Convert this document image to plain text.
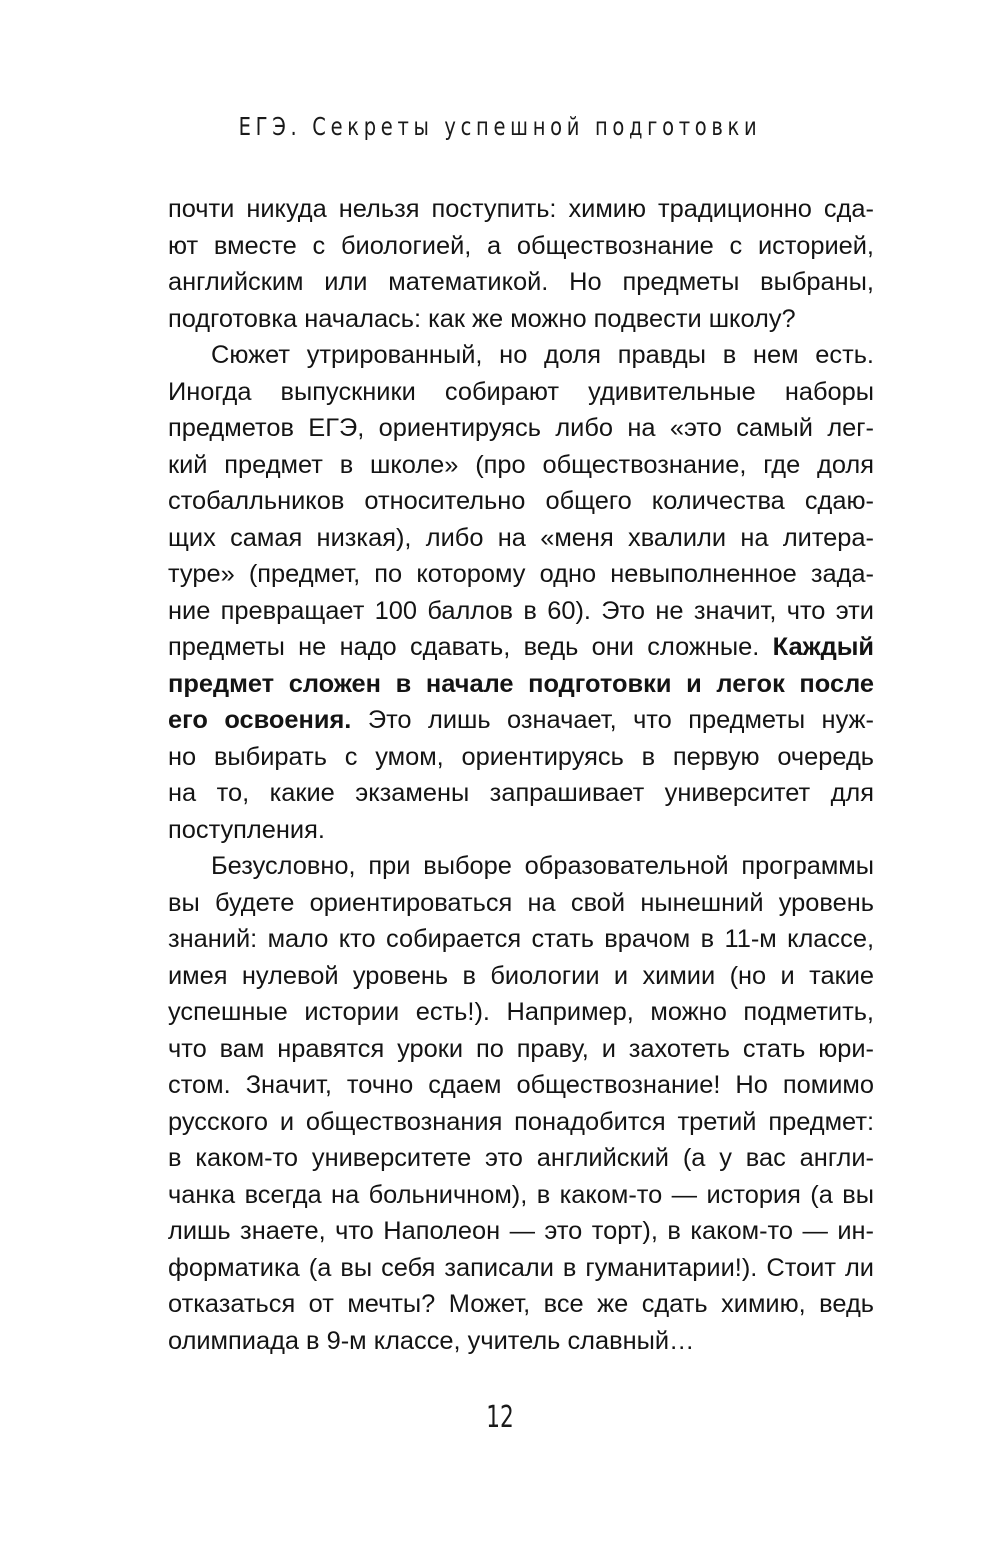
ЕГЭ. Секреты успешной подготовки
почти никуда нельзя поступить: химию традиционно сда-
ют вместе с биологией, а обществознание с историей,
английским или математикой. Но предметы выбраны,
подготовка началась: как же можно подвести школу?
Сюжет утрированный, но доля правды в нем есть.
Иногда выпускники собирают удивительные наборы
предметов ЕГЭ, ориентируясь либо на «это самый лег-
кий предмет в школе» (про обществознание, где доля
стобалльников относительно общего количества сдаю-
щих самая низкая), либо на «меня хвалили на литера-
туре» (предмет, по которому одно невыполненное зада-
ние превращает 100 баллов в 60). Это не значит, что эти
предметы не надо сдавать, ведь они сложные. Каждый
предмет сложен в начале подготовки и легок после
его освоения. Это лишь означает, что предметы нуж-
но выбирать с умом, ориентируясь в первую очередь
на то, какие экзамены запрашивает университет для
поступления.
Безусловно, при выборе образовательной программы
вы будете ориентироваться на свой нынешний уровень
знаний: мало кто собирается стать врачом в 11-м классе,
имея нулевой уровень в биологии и химии (но и такие
успешные истории есть!). Например, можно подметить,
что вам нравятся уроки по праву, и захотеть стать юри-
стом. Значит, точно сдаем обществознание! Но помимо
русского и обществознания понадобится третий предмет:
в каком-то университете это английский (а у вас англи-
чанка всегда на больничном), в каком-то — история (а вы
лишь знаете, что Наполеон — это торт), в каком-то — ин-
форматика (а вы себя записали в гуманитарии!). Стоит ли
отказаться от мечты? Может, все же сдать химию, ведь
олимпиада в 9-м классе, учитель славный…
12
